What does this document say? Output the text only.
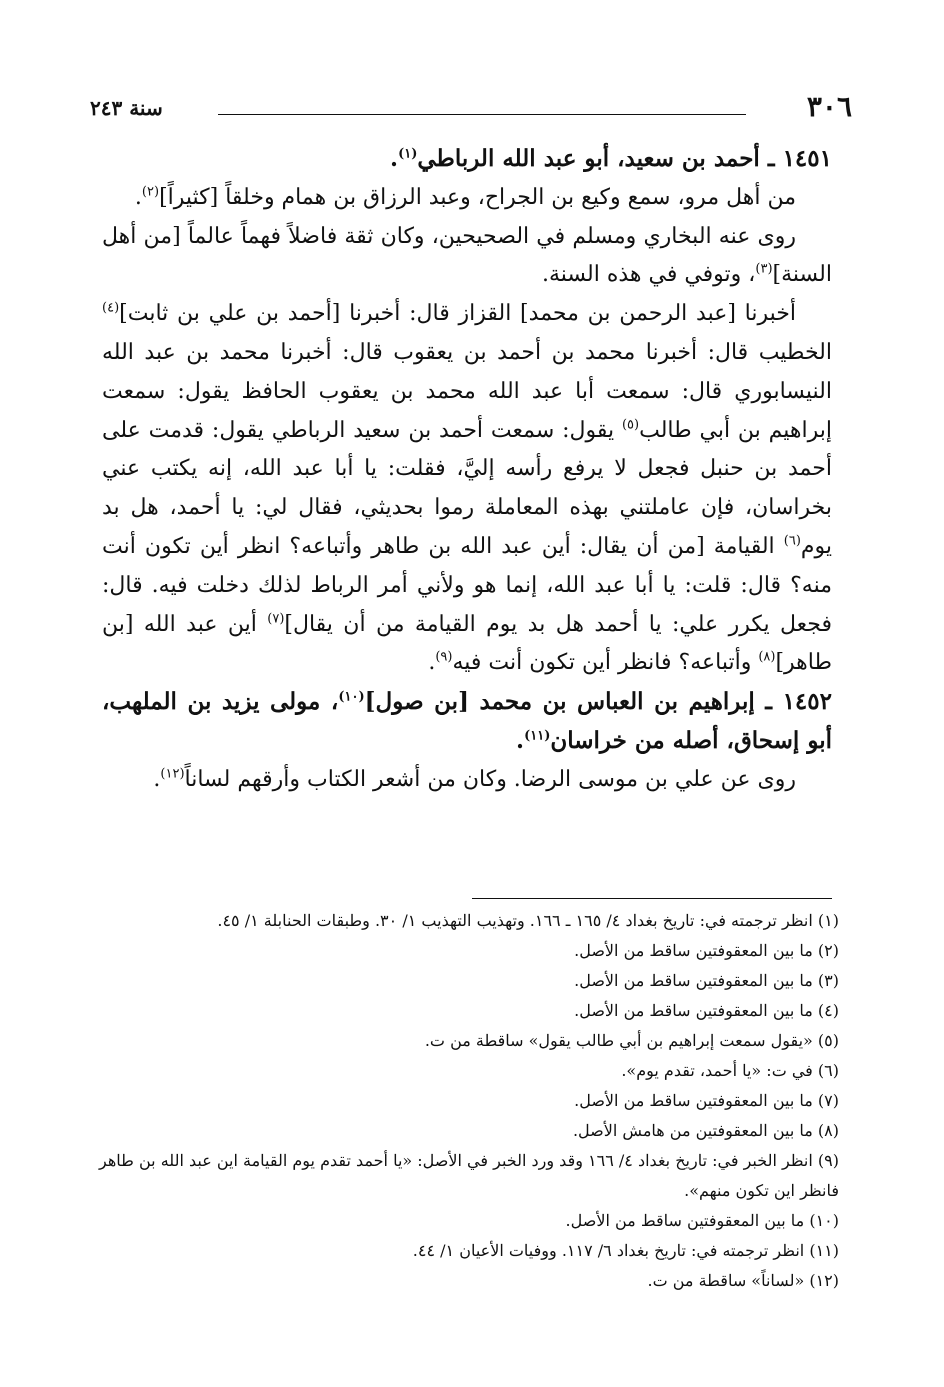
٣٠٦
سنة ٢٤٣

١٤٥١ ـ أحمد بن سعيد، أبو عبد الله الرباطي$^{(١)}$.

من أهل مرو، سمع وكيع بن الجراح، وعبد الرزاق بن همام وخلقاً [كثيراً]$^{(٢)}$.

روى عنه البخاري ومسلم في الصحيحين، وكان ثقة فاضلاً فهماً عالماً [من أهل السنة]$^{(٣)}$، وتوفي في هذه السنة.

أخبرنا [عبد الرحمن بن محمد] القزاز قال: أخبرنا [أحمد بن علي بن ثابت]$^{(٤)}$ الخطيب قال: أخبرنا محمد بن أحمد بن يعقوب قال: أخبرنا محمد بن عبد الله النيسابوري قال: سمعت أبا عبد الله محمد بن يعقوب الحافظ يقول: سمعت إبراهيم بن أبي طالب$^{(٥)}$ يقول: سمعت أحمد بن سعيد الرباطي يقول: قدمت على أحمد بن حنبل فجعل لا يرفع رأسه إليَّ، فقلت: يا أبا عبد الله، إنه يكتب عني بخراسان، فإن عاملتني بهذه المعاملة رموا بحديثي، فقال لي: يا أحمد، هل بد يوم$^{(٦)}$ القيامة [من أن يقال: أين عبد الله بن طاهر وأتباعه؟ انظر أين تكون أنت منه؟ قال: قلت: يا أبا عبد الله، إنما هو ولأني أمر الرباط لذلك دخلت فيه. قال: فجعل يكرر علي: يا أحمد هل بد يوم القيامة من أن يقال]$^{(٧)}$ أين عبد الله [بن طاهر]$^{(٨)}$ وأتباعه؟ فانظر أين تكون أنت فيه$^{(٩)}$.

١٤٥٢ ـ إبراهيم بن العباس بن محمد [بن صول]$^{(١٠)}$، مولى يزيد بن الملهب، أبو إسحاق، أصله من خراسان$^{(١١)}$.

روى عن علي بن موسى الرضا. وكان من أشعر الكتاب وأرقهم لساناً$^{(١٢)}$.

(١) انظر ترجمته في: تاريخ بغداد ٤/ ١٦٥ ـ ١٦٦. وتهذيب التهذيب ١/ ٣٠. وطبقات الحنابلة ١/ ٤٥.

(٢) ما بين المعقوفتين ساقط من الأصل.

(٣) ما بين المعقوفتين ساقط من الأصل.

(٤) ما بين المعقوفتين ساقط من الأصل.

(٥) «يقول سمعت إبراهيم بن أبي طالب يقول» ساقطة من ت.

(٦) في ت: «يا أحمد، تقدم يوم».

(٧) ما بين المعقوفتين ساقط من الأصل.

(٨) ما بين المعقوفتين من هامش الأصل.

(٩) انظر الخبر في: تاريخ بغداد ٤/ ١٦٦ وقد ورد الخبر في الأصل: «يا أحمد تقدم يوم القيامة اين عبد الله بن طاهر فانظر اين تكون منهم».

(١٠) ما بين المعقوفتين ساقط من الأصل.

(١١) انظر ترجمته في: تاريخ بغداد ٦/ ١١٧. ووفيات الأعيان ١/ ٤٤.

(١٢) «لساناً» ساقطة من ت.
